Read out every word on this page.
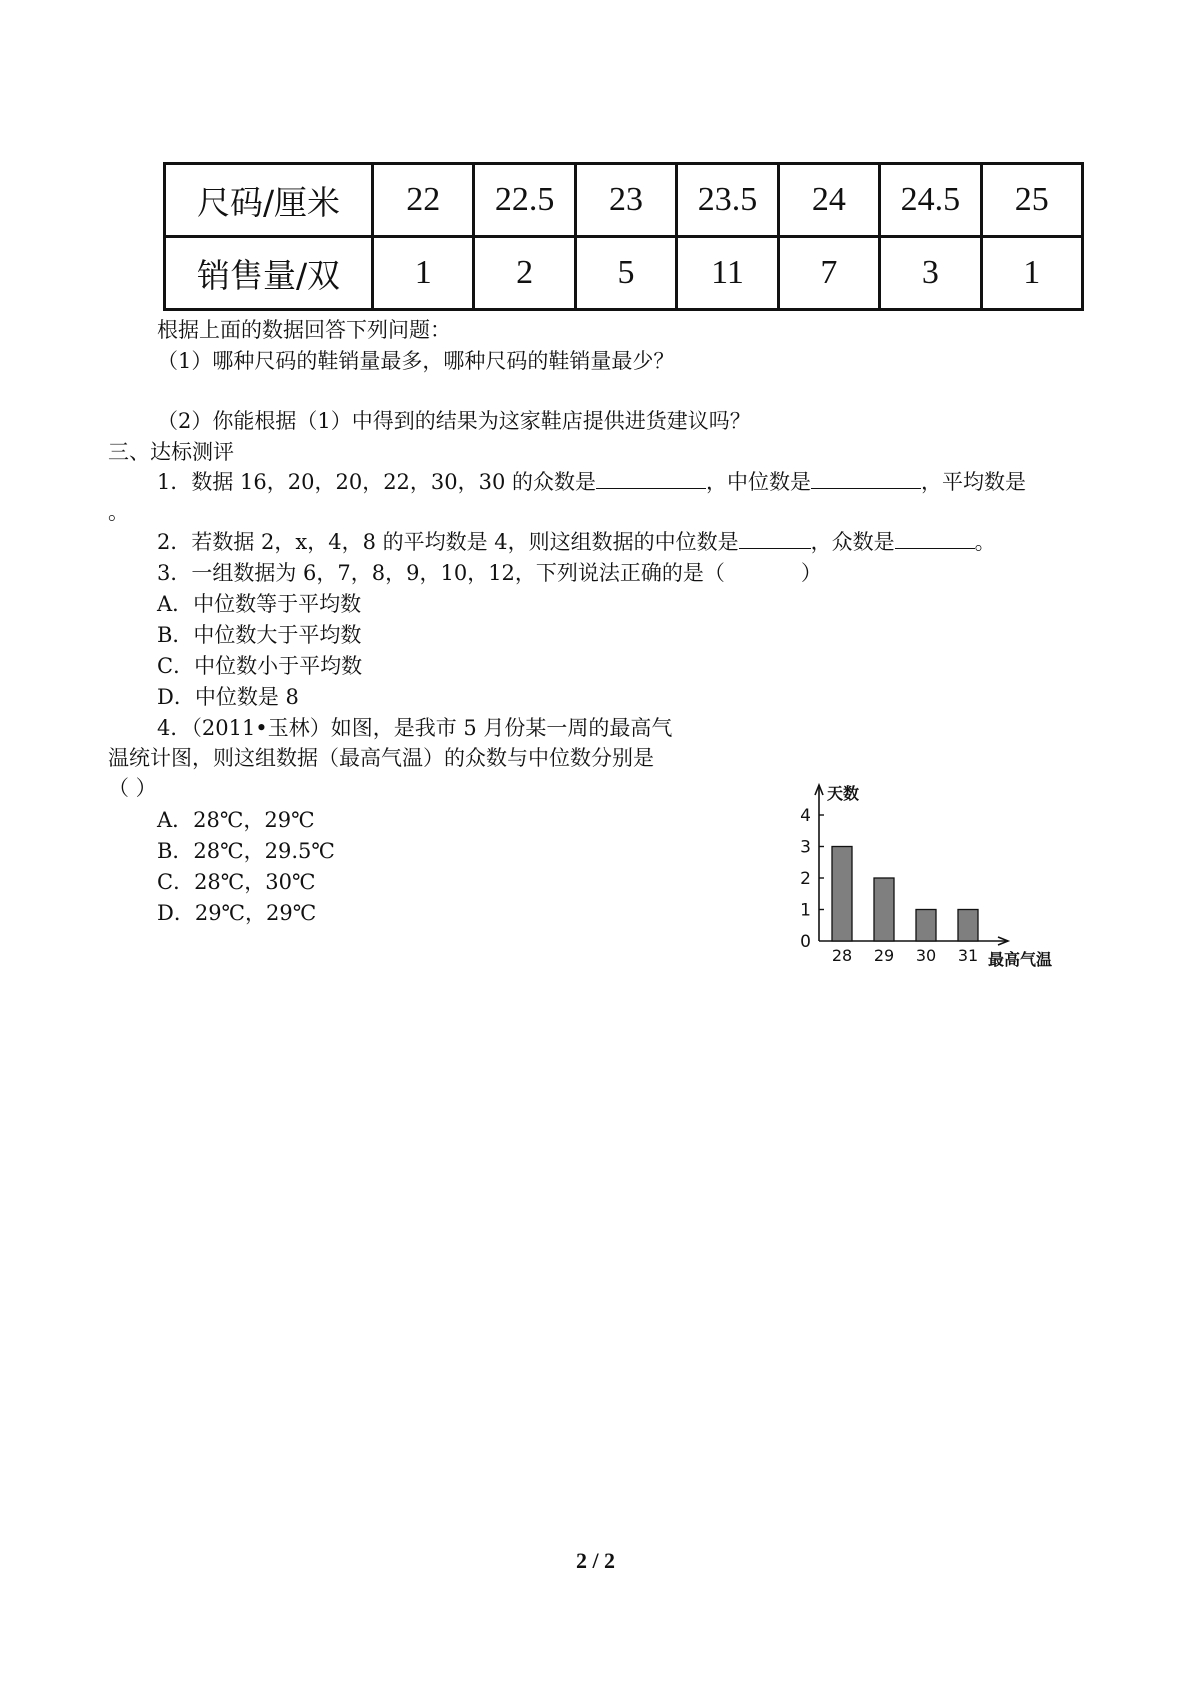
尺码/厘米	22	22.5	23	23.5	24	24.5	25
销售量/双	1	2	5	11	7	3	1
根据上面的数据回答下列问题：
（1）哪种尺码的鞋销量最多，哪种尺码的鞋销量最少？
（2）你能根据（1）中得到的结果为这家鞋店提供进货建议吗？
三、达标测评
1．数据 16，20，20，22，30，30 的众数是	，中位数是	，平均数是
。
2．若数据 2，x，4，8 的平均数是 4，则这组数据的中位数是	，众数是	。
3．一组数据为 6，7，8，9，10，12，下列说法正确的是（	）
A．中位数等于平均数
B．中位数大于平均数
C．中位数小于平均数
D．中位数是 8
4．（2011•玉林）如图，是我市 5 月份某一周的最高气
温统计图，则这组数据（最高气温）的众数与中位数分别是
（ ）
A．28℃，29℃
B．28℃，29.5℃
C．28℃，30℃
D．29℃，29℃
0
1
2
3
4
天数
28 29 30 31 最高气温
2 / 2
